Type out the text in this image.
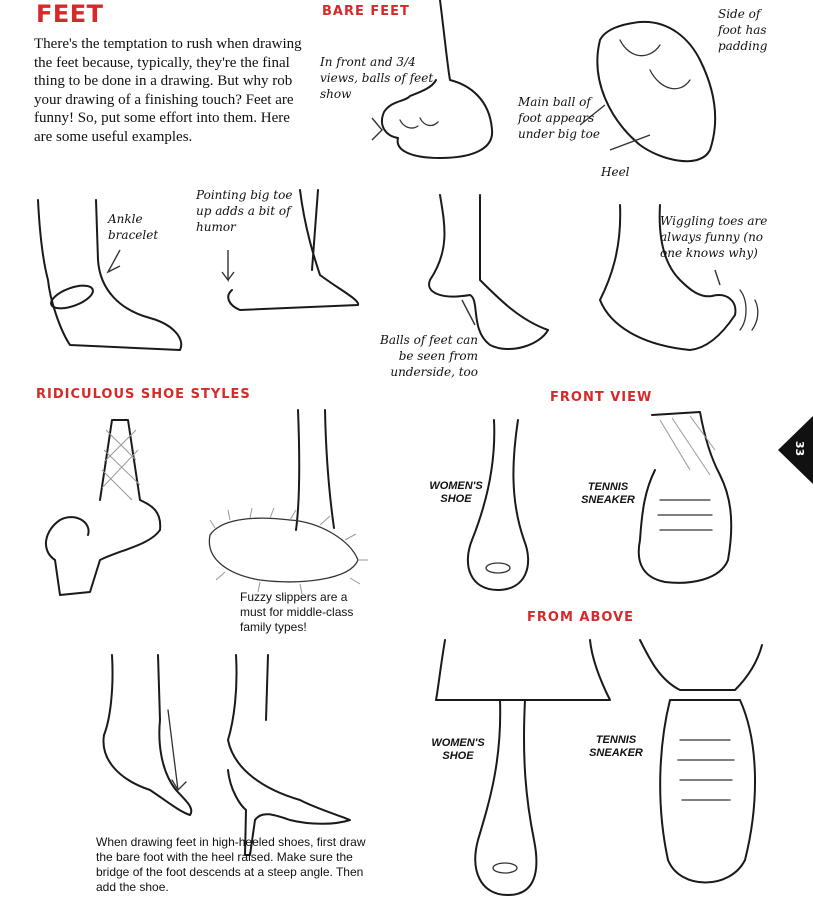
33
FEET
There's the temptation to rush when drawing the feet because, typically, they're the final thing to be done in a drawing. But why rob your drawing of a finishing touch? Feet are funny! So, put some effort into them. Here are some useful examples.
BARE FEET
RIDICULOUS SHOE STYLES	FRONT VIEW
FROM ABOVE
In front and 3/4 views, balls of feet show
Main ball of foot appears under big toe
Side of foot has padding
Heel
Ankle bracelet
Pointing big toe up adds a bit of humor
Balls of feet can be seen from underside, too
Wiggling toes are always funny (no one knows why)
Fuzzy slippers are a must for middle-class family types!
When drawing feet in high-heeled shoes, first draw the bare foot with the heel raised. Make sure the bridge of the foot descends at a steep angle. Then add the shoe.
WOMEN'S SHOE
TENNIS SNEAKER
WOMEN'S SHOE
TENNIS SNEAKER
